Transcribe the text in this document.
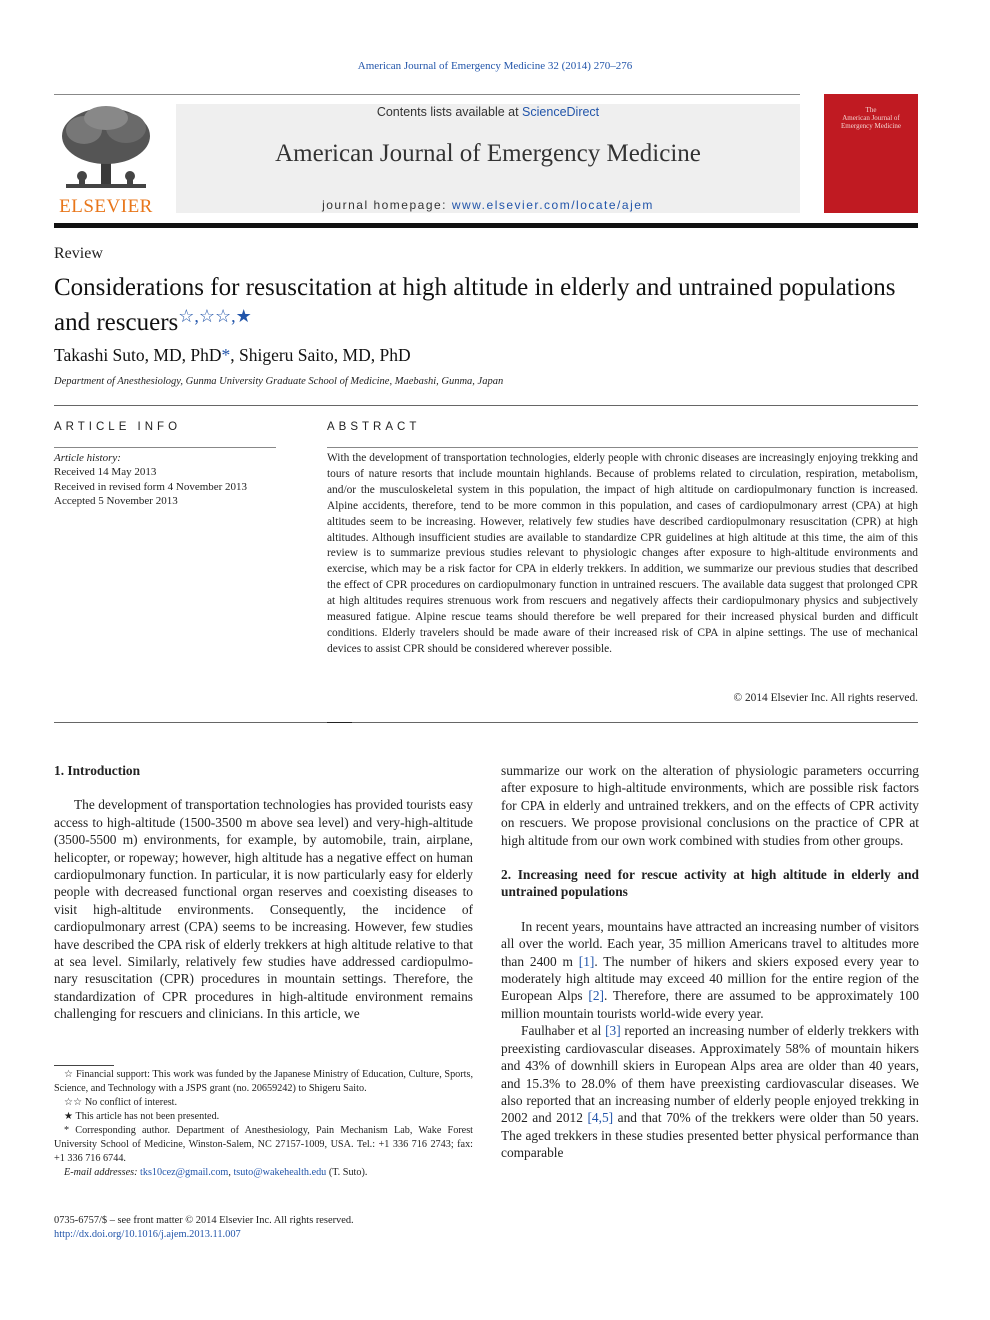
American Journal of Emergency Medicine 32 (2014) 270–276
ELSEVIER
Contents lists available at ScienceDirect
American Journal of Emergency Medicine
journal homepage: www.elsevier.com/locate/ajem
The
American Journal of
Emergency Medicine
Review
Considerations for resuscitation at high altitude in elderly and untrained populations
and rescuers☆,☆☆,★
Takashi Suto, MD, PhD*, Shigeru Saito, MD, PhD
Department of Anesthesiology, Gunma University Graduate School of Medicine, Maebashi, Gunma, Japan
ARTICLE INFO
Article history:
Received 14 May 2013
Received in revised form 4 November 2013
Accepted 5 November 2013
ABSTRACT
With the development of transportation technologies, elderly people with chronic diseases are increasingly enjoying trekking and tours of nature resorts that include mountain highlands. Because of problems related to circulation, respiration, metabolism, and/or the musculoskeletal system in this population, the impact of high altitude on cardiopulmonary function is increased. Alpine accidents, therefore, tend to be more common in this population, and cases of cardiopulmonary arrest (CPA) at high altitudes seem to be increasing. However, relatively few studies have described cardiopulmonary resuscitation (CPR) at high altitudes. Although insufficient studies are available to standardize CPR guidelines at high altitude at this time, the aim of this review is to summarize previous studies relevant to physiologic changes after exposure to high-altitude environments and exercise, which may be a risk factor for CPA in elderly trekkers. In addition, we summarize our previous studies that described the effect of CPR procedures on cardiopulmonary function in untrained rescuers. The available data suggest that prolonged CPR at high altitudes requires strenuous work from rescuers and negatively affects their cardiopulmonary physics and subjectively measured fatigue. Alpine rescue teams should therefore be well prepared for their increased physical burden and difficult conditions. Elderly travelers should be made aware of their increased risk of CPA in alpine settings. The use of mechanical devices to assist CPR should be considered wherever possible.
© 2014 Elsevier Inc. All rights reserved.
1. Introduction

The development of transportation technologies has provided tourists easy access to high-altitude (1500-3500 m above sea level) and very-high-altitude (3500-5500 m) environments, for example, by automobile, train, airplane, helicopter, or ropeway; however, high altitude has a negative effect on human cardiopulmonary function. In particular, it is now particularly easy for elderly people with decreased functional organ reserves and coexisting diseases to visit high-altitude environments. Consequently, the incidence of cardiopulmonary arrest (CPA) seems to be increasing. However, few studies have described the CPA risk of elderly trekkers at high altitude relative to that at sea level. Similarly, relatively few studies have addressed cardiopulmo-nary resuscitation (CPR) procedures in mountain settings. Therefore, the standardization of CPR procedures in high-altitude environment remains challenging for rescuers and clinicians. In this article, we

summarize our work on the alteration of physiologic parameters occurring after exposure to high-altitude environments, which are possible risk factors for CPA in elderly and untrained trekkers, and on the effects of CPR activity on rescuers. We propose provisional conclusions on the practice of CPR at high altitude from our own work combined with studies from other groups.

2. Increasing need for rescue activity at high altitude in elderly and untrained populations

In recent years, mountains have attracted an increasing number of visitors all over the world. Each year, 35 million Americans travel to altitudes more than 2400 m [1]. The number of hikers and skiers exposed every year to moderately high altitude may exceed 40 million for the entire region of the European Alps [2]. Therefore, there are assumed to be approximately 100 million mountain tourists world-wide every year.

Faulhaber et al [3] reported an increasing number of elderly trekkers with preexisting cardiovascular diseases. Approximately 58% of mountain hikers and 43% of downhill skiers in European Alps area are older than 40 years, and 15.3% to 28.0% of them have preexisting cardiovascular diseases. We also reported that an increasing number of elderly people enjoyed trekking in 2002 and 2012 [4,5] and that 70% of the trekkers were older than 50 years. The aged trekkers in these studies presented better physical performance than comparable

☆ Financial support: This work was funded by the Japanese Ministry of Education, Culture, Sports, Science, and Technology with a JSPS grant (no. 20659242) to Shigeru Saito.

☆☆ No conflict of interest.

★ This article has not been presented.

* Corresponding author. Department of Anesthesiology, Pain Mechanism Lab, Wake Forest University School of Medicine, Winston-Salem, NC 27157-1009, USA. Tel.: +1 336 716 2743; fax: +1 336 716 6744.

E-mail addresses: tks10cez@gmail.com, tsuto@wakehealth.edu (T. Suto).

0735-6757/$ – see front matter © 2014 Elsevier Inc. All rights reserved.
http://dx.doi.org/10.1016/j.ajem.2013.11.007
